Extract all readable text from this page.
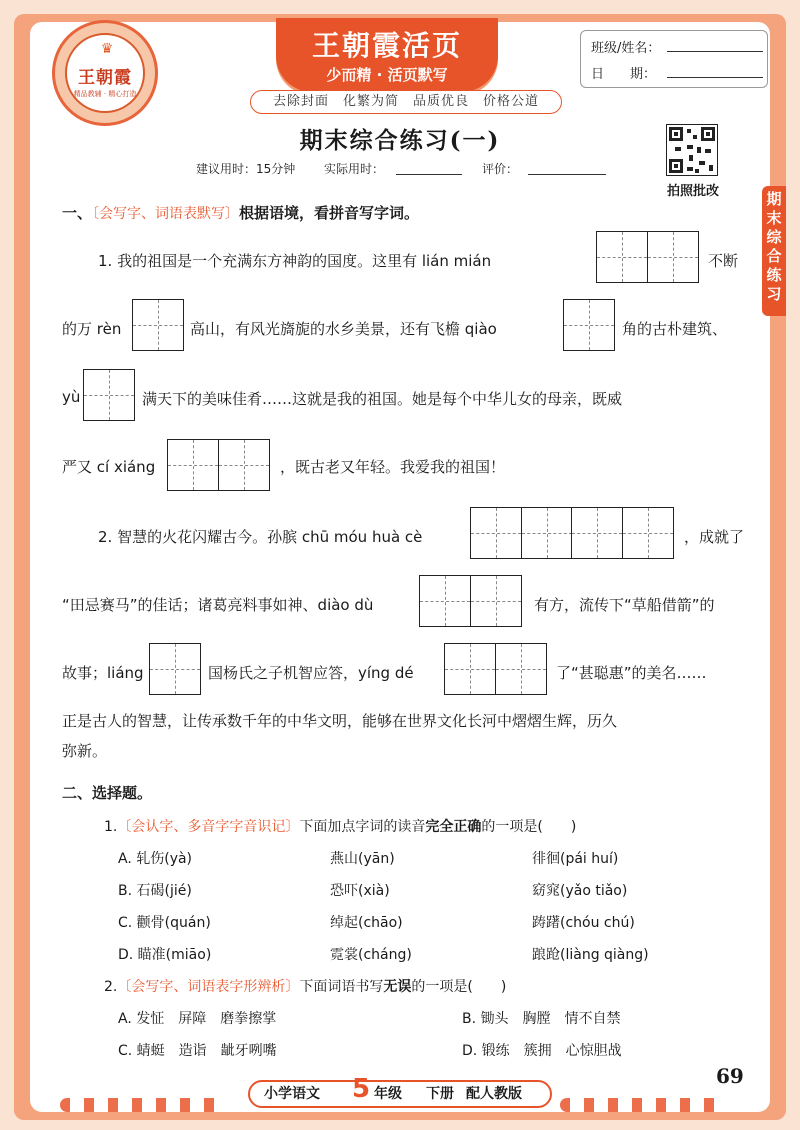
♛
王朝霞
精品教辅 · 精心打造
王朝霞活页
少而精 · 活页默写
班级/姓名：
日　　期：
去除封面　化繁为简　品质优良　价格公道
期末综合练习(一)
建议用时：15分钟 实际用时：	评价：
拍照批改	期末综合练习
一、〔会写字、词语表默写〕根据语境，看拼音写字词。
1. 我的祖国是一个充满东方神韵的国度。这里有 lián mián	不断
的万 rèn	高山，有风光旖旎的水乡美景，还有飞檐 qiào	角的古朴建筑、
yù	满天下的美味佳肴……这就是我的祖国。她是每个中华儿女的母亲，既威
严又 cí xiáng	，既古老又年轻。我爱我的祖国！
2. 智慧的火花闪耀古今。孙膑 chū móu huà cè	，成就了
“田忌赛马”的佳话；诸葛亮料事如神、diào dù	有方，流传下“草船借箭”的
故事；liáng	国杨氏之子机智应答，yíng dé	了“甚聪惠”的美名……
正是古人的智慧，让传承数千年的中华文明，能够在世界文化长河中熠熠生辉，历久
弥新。
二、选择题。
1.〔会认字、多音字字音识记〕下面加点字词的读音完全正确的一项是(　　)
A. 轧伤(yà)	燕山(yān)	徘徊(pái huí)
B. 石碣(jié)	恐吓(xià)	窈窕(yǎo tiǎo)
C. 颧骨(quán)	绰起(chāo)	踌躇(chóu chú)
D. 瞄准(miāo)	霓裳(cháng)	踉跄(liàng qiàng)
2.〔会写字、词语表字形辨析〕下面词语书写无误的一项是(　　)
A. 发怔　屏障　磨拳擦掌	B. 锄头　胸膛　情不自禁
C. 蜻蜓　造诣　龇牙咧嘴	D. 锻练　簇拥　心惊胆战
小学语文 5 年级 下册 配人教版
69
